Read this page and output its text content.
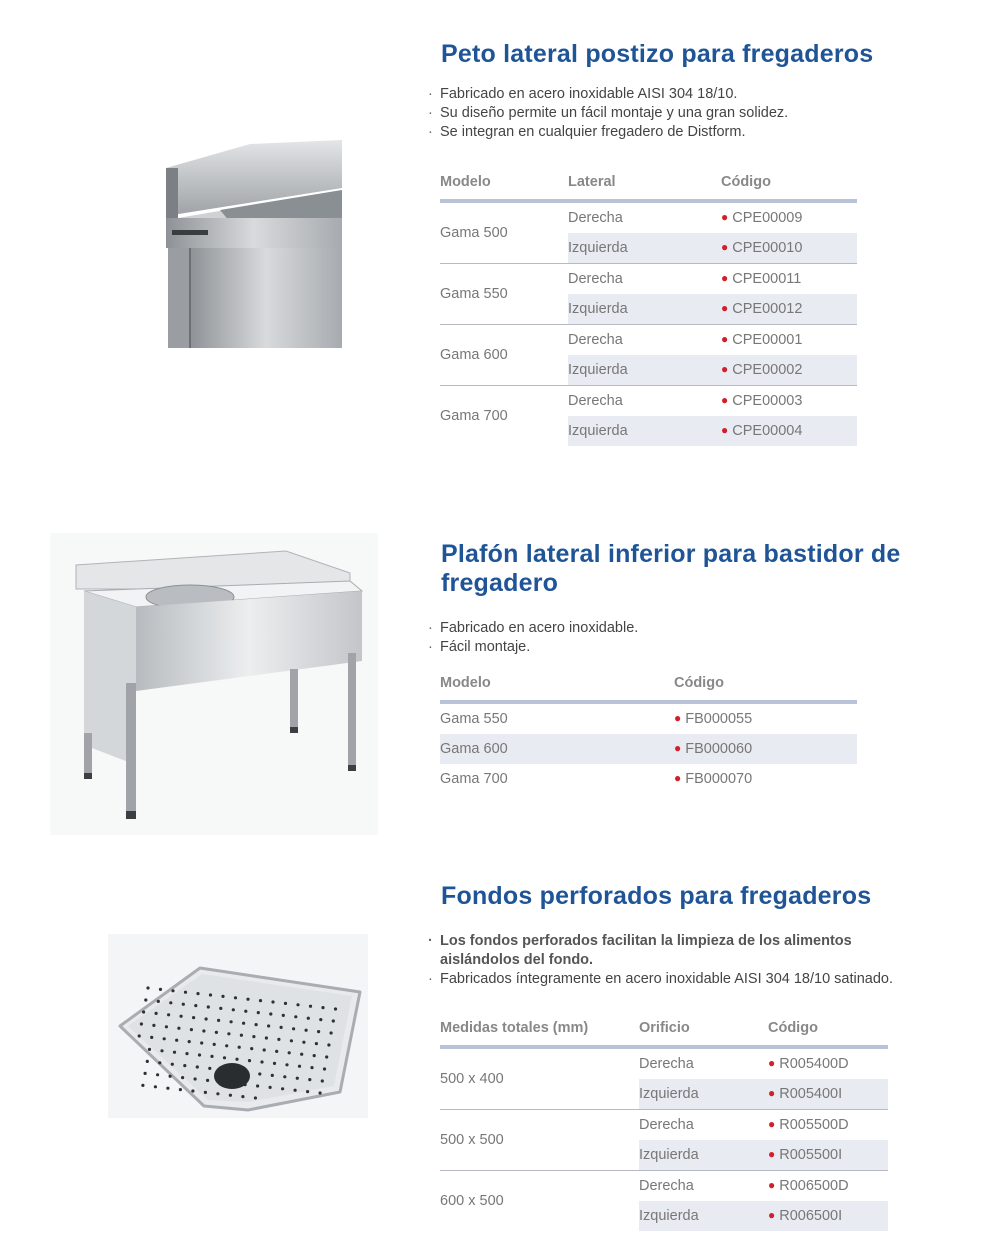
Peto lateral postizo para fregaderos
· Fabricado en acero inoxidable AISI 304 18/10.
· Su diseño permite un fácil montaje y una gran solidez.
· Se integran en cualquier fregadero de Distform.
Modelo	Lateral	Código
Gama 500	Derecha	● CPE00009
	Izquierda	● CPE00010
Gama 550	Derecha	● CPE00011
	Izquierda	● CPE00012
Gama 600	Derecha	● CPE00001
	Izquierda	● CPE00002
Gama 700	Derecha	● CPE00003
	Izquierda	● CPE00004
Plafón lateral inferior para bastidor de
fregadero
· Fabricado en acero inoxidable.
· Fácil montaje.
Modelo	Código
Gama 550	● FB000055
Gama 600	● FB000060
Gama 700	● FB000070
Fondos perforados para fregaderos
· Los fondos perforados facilitan la limpieza de los alimentos
aislándolos del fondo.
· Fabricados íntegramente en acero inoxidable AISI 304 18/10 satinado.
Medidas totales (mm)	Orificio	Código
500 x 400	Derecha	● R005400D
	Izquierda	● R005400I
500 x 500	Derecha	● R005500D
	Izquierda	● R005500I
600 x 500	Derecha	● R006500D
	Izquierda	● R006500I
